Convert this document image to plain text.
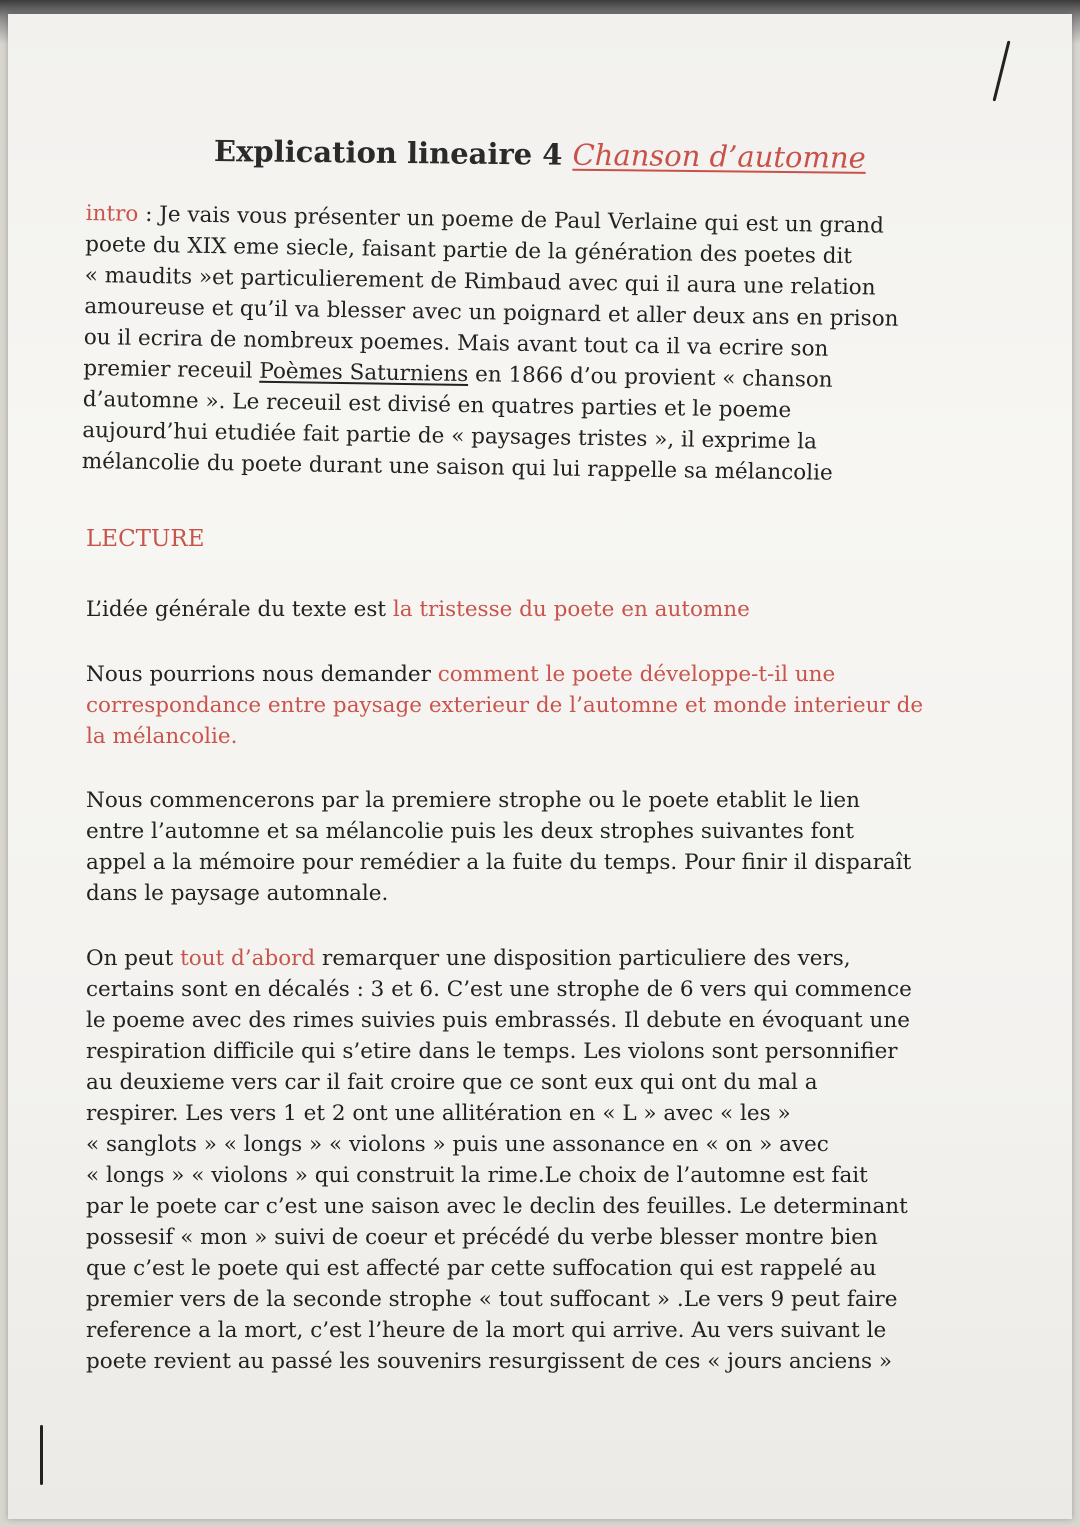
Explication lineaire 4 Chanson d’automne
intro : Je vais vous présenter un poeme de Paul Verlaine qui est un grand
poete du XIX eme siecle, faisant partie de la génération des poetes dit
« maudits »et particulierement de Rimbaud avec qui il aura une relation
amoureuse et qu’il va blesser avec un poignard et aller deux ans en prison
ou il ecrira de nombreux poemes. Mais avant tout ca il va ecrire son
premier receuil Poèmes Saturniens en 1866 d’ou provient « chanson
d’automne ». Le receuil est divisé en quatres parties et le poeme
aujourd’hui etudiée fait partie de « paysages tristes », il exprime la
mélancolie du poete durant une saison qui lui rappelle sa mélancolie
LECTURE
L’idée générale du texte est la tristesse du poete en automne
Nous pourrions nous demander comment le poete développe-t-il une
correspondance entre paysage exterieur de l’automne et monde interieur de
la mélancolie.
Nous commencerons par la premiere strophe ou le poete etablit le lien
entre l’automne et sa mélancolie puis les deux strophes suivantes font
appel a la mémoire pour remédier a la fuite du temps. Pour finir il disparaît
dans le paysage automnale.
On peut tout d’abord remarquer une disposition particuliere des vers,
certains sont en décalés : 3 et 6. C’est une strophe de 6 vers qui commence
le poeme avec des rimes suivies puis embrassés. Il debute en évoquant une
respiration difficile qui s’etire dans le temps. Les violons sont personnifier
au deuxieme vers car il fait croire que ce sont eux qui ont du mal a
respirer. Les vers 1 et 2 ont une allitération en « L » avec « les »
« sanglots » « longs » « violons » puis une assonance en « on » avec
« longs » « violons » qui construit la rime.Le choix de l’automne est fait
par le poete car c’est une saison avec le declin des feuilles. Le determinant
possesif « mon » suivi de coeur et précédé du verbe blesser montre bien
que c’est le poete qui est affecté par cette suffocation qui est rappelé au
premier vers de la seconde strophe « tout suffocant » .Le vers 9 peut faire
reference a la mort, c’est l’heure de la mort qui arrive. Au vers suivant le
poete revient au passé les souvenirs resurgissent de ces « jours anciens »
